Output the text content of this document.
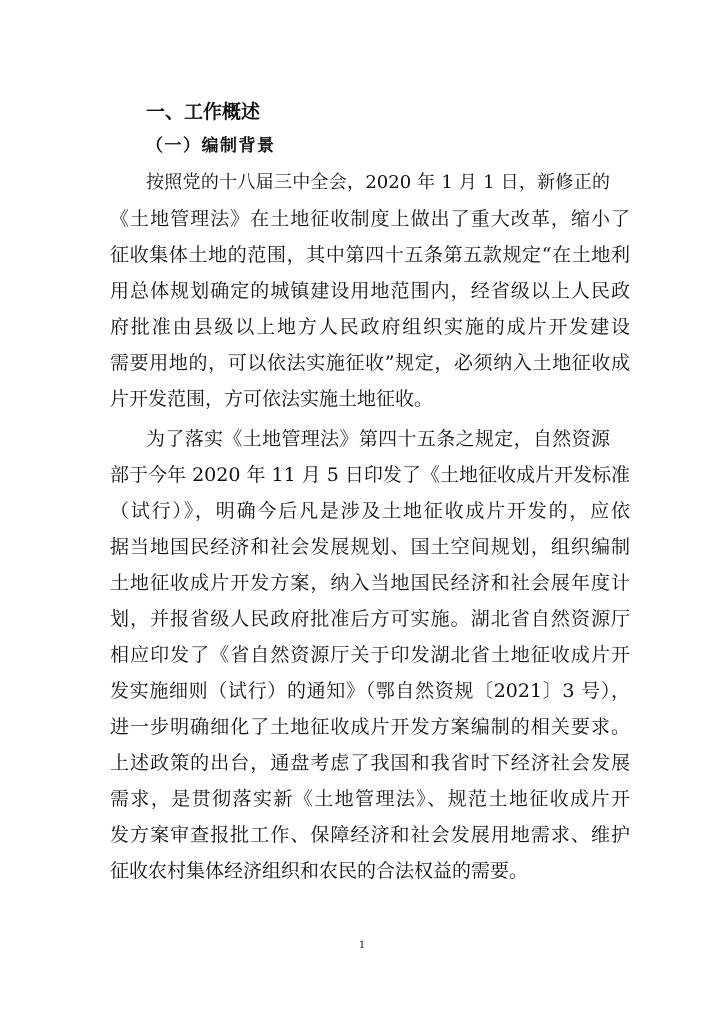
一、工作概述
（一）编制背景

按照党的十八届三中全会，2020 年 1 月 1 日，新修正的

《土地管理法》在土地征收制度上做出了重大改革，缩小了

征收集体土地的范围，其中第四十五条第五款规定“在土地利

用总体规划确定的城镇建设用地范围内，经省级以上人民政

府批准由县级以上地方人民政府组织实施的成片开发建设

需要用地的，可以依法实施征收”规定，必须纳入土地征收成

片开发范围，方可依法实施土地征收。

为了落实《土地管理法》第四十五条之规定，自然资源

部于今年 2020 年 11 月 5 日印发了《土地征收成片开发标准

（试行）》，明确今后凡是涉及土地征收成片开发的，应依

据当地国民经济和社会发展规划、国土空间规划，组织编制

土地征收成片开发方案，纳入当地国民经济和社会展年度计

划，并报省级人民政府批准后方可实施。湖北省自然资源厅

相应印发了《省自然资源厅关于印发湖北省土地征收成片开

发实施细则（试行）的通知》（鄂自然资规〔2021〕3 号），

进一步明确细化了土地征收成片开发方案编制的相关要求。

上述政策的出台，通盘考虑了我国和我省时下经济社会发展

需求，是贯彻落实新《土地管理法》、规范土地征收成片开

发方案审查报批工作、保障经济和社会发展用地需求、维护

征收农村集体经济组织和农民的合法权益的需要。

1
